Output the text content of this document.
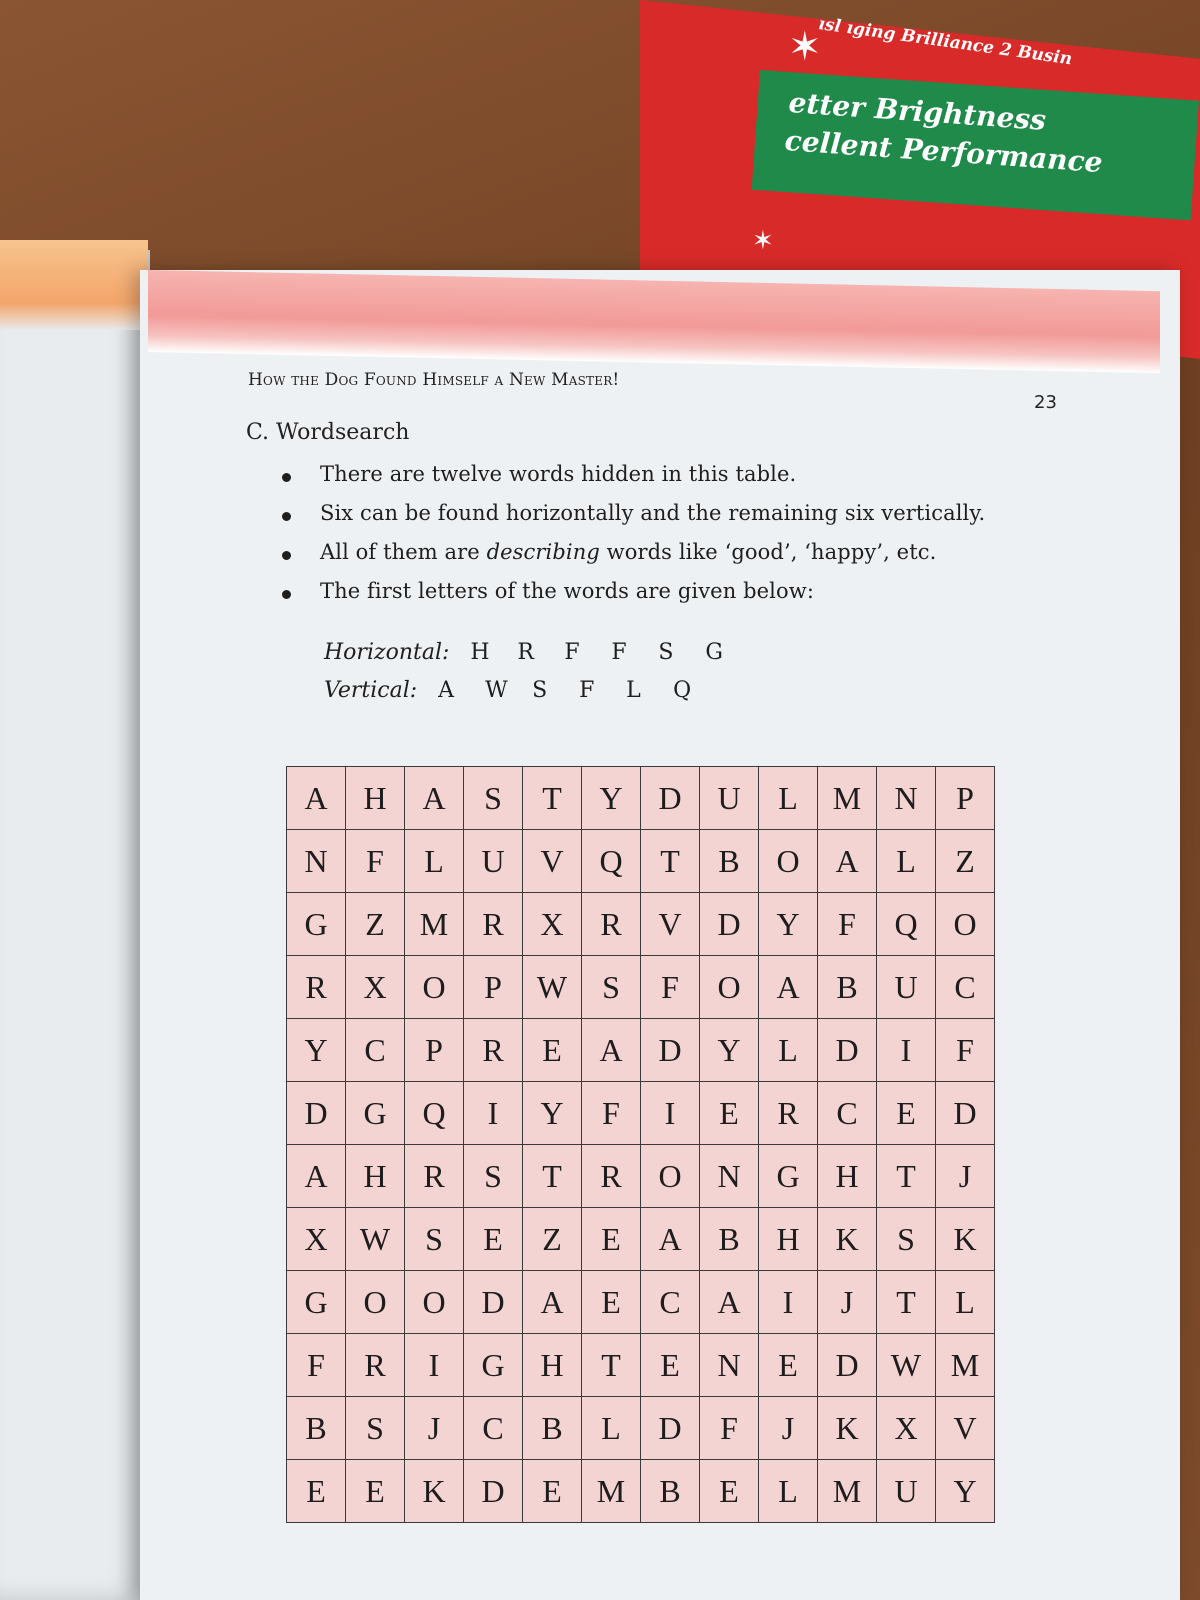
✶
ısl ıging Brilliance 2 Busin
etter Brightness
cellent Performance
✶
How the Dog Found Himself a New Master!
23
C. Wordsearch
There are twelve words hidden in this table.
Six can be found horizontally and the remaining six vertically.
All of them are describing words like ‘good’, ‘happy’, etc.
The first letters of the words are given below:
Horizontal: H R F F S G
Vertical: A W S F L Q
A	H	A	S	T	Y	D	U	L	M	N	P
N	F	L	U	V	Q	T	B	O	A	L	Z
G	Z	M	R	X	R	V	D	Y	F	Q	O
R	X	O	P	W	S	F	O	A	B	U	C
Y	C	P	R	E	A	D	Y	L	D	I	F
D	G	Q	I	Y	F	I	E	R	C	E	D
A	H	R	S	T	R	O	N	G	H	T	J
X	W	S	E	Z	E	A	B	H	K	S	K
G	O	O	D	A	E	C	A	I	J	T	L
F	R	I	G	H	T	E	N	E	D	W	M
B	S	J	C	B	L	D	F	J	K	X	V
E	E	K	D	E	M	B	E	L	M	U	Y
